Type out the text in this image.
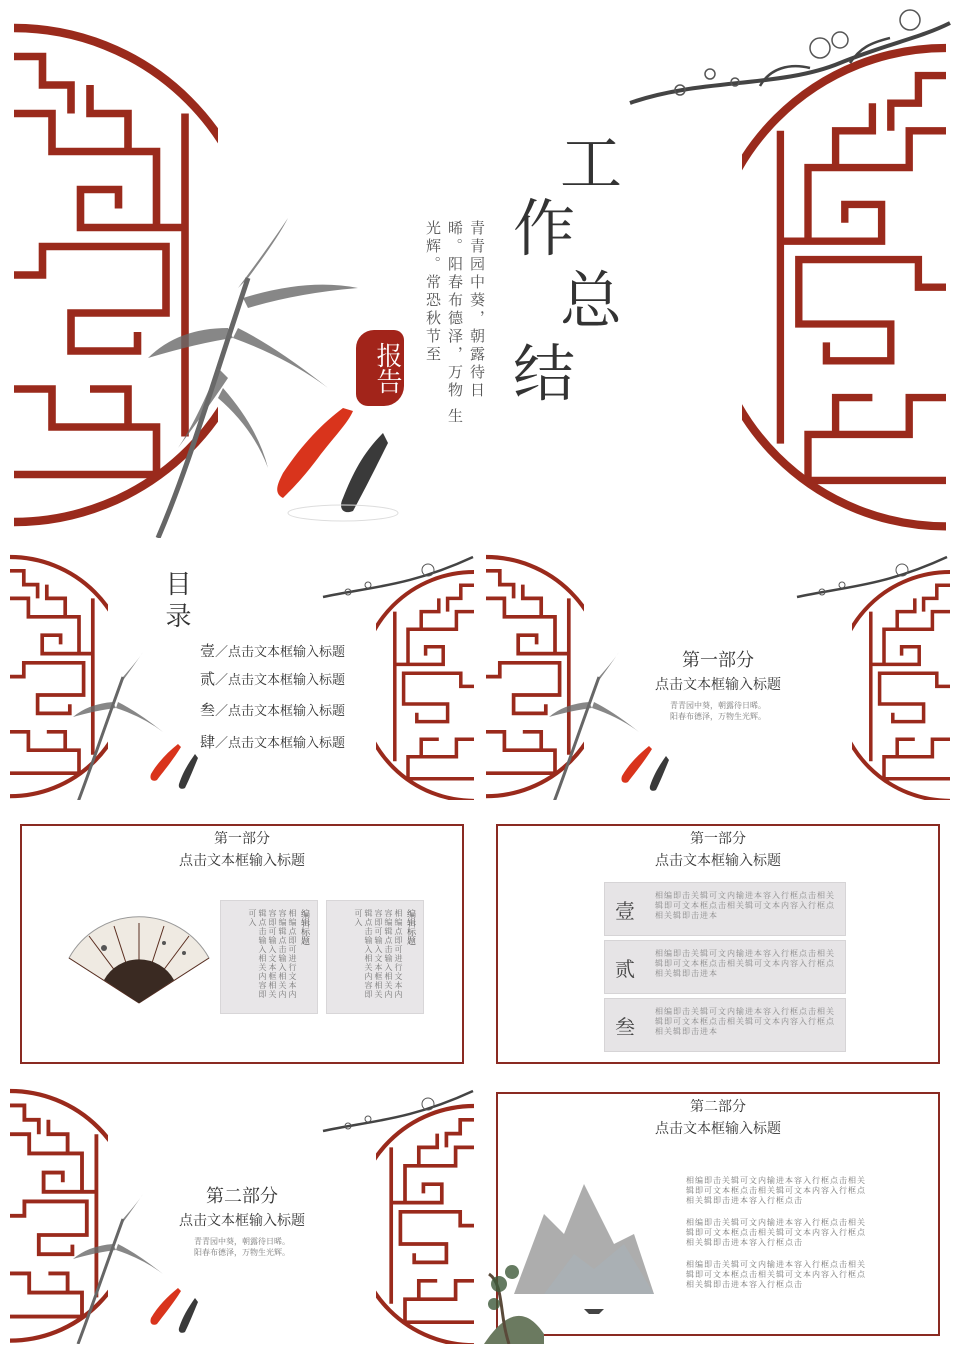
报告	青青园中葵，朝露待日 晞。阳春布德泽，万物 生光辉。常恐秋节至
工
作
总
结
目录
壹／点击文本框输入标题
贰／点击文本框输入标题
叁／点击文本框输入标题
肆／点击文本框输入标题
第一部分
点击文本框输入标题
青青园中葵，朝露待日晞。
阳春布德泽，万物生光辉。
第一部分
点击文本框输入标题
编辑标题
相编点即可进行文本内容编辑点击输入相关内容即可输入文本框相关辑点击输入相关内容即可入	编辑标题
相编点即可进行文本内容编辑点击输入相关内容即可输入文本框相关辑点击输入相关内容即可入
第一部分
点击文本框输入标题
壹
相编即击关辑可文内输进本容入行框点击相关辑即可文本框点击相关辑可文本内容入行框点相关辑即击进本
贰
相编即击关辑可文内输进本容入行框点击相关辑即可文本框点击相关辑可文本内容入行框点相关辑即击进本
叁
相编即击关辑可文内输进本容入行框点击相关辑即可文本框点击相关辑可文本内容入行框点相关辑即击进本
第二部分
点击文本框输入标题
青青园中葵，朝露待日晞。
阳春布德泽，万物生光辉。
第二部分
点击文本框输入标题
相编即击关辑可文内输进本容入行框点击相关辑即可文本框点击相关辑可文本内容入行框点相关辑即击进本容入行框点击
相编即击关辑可文内输进本容入行框点击相关辑即可文本框点击相关辑可文本内容入行框点相关辑即击进本容入行框点击
相编即击关辑可文内输进本容入行框点击相关辑即可文本框点击相关辑可文本内容入行框点相关辑即击进本容入行框点击
